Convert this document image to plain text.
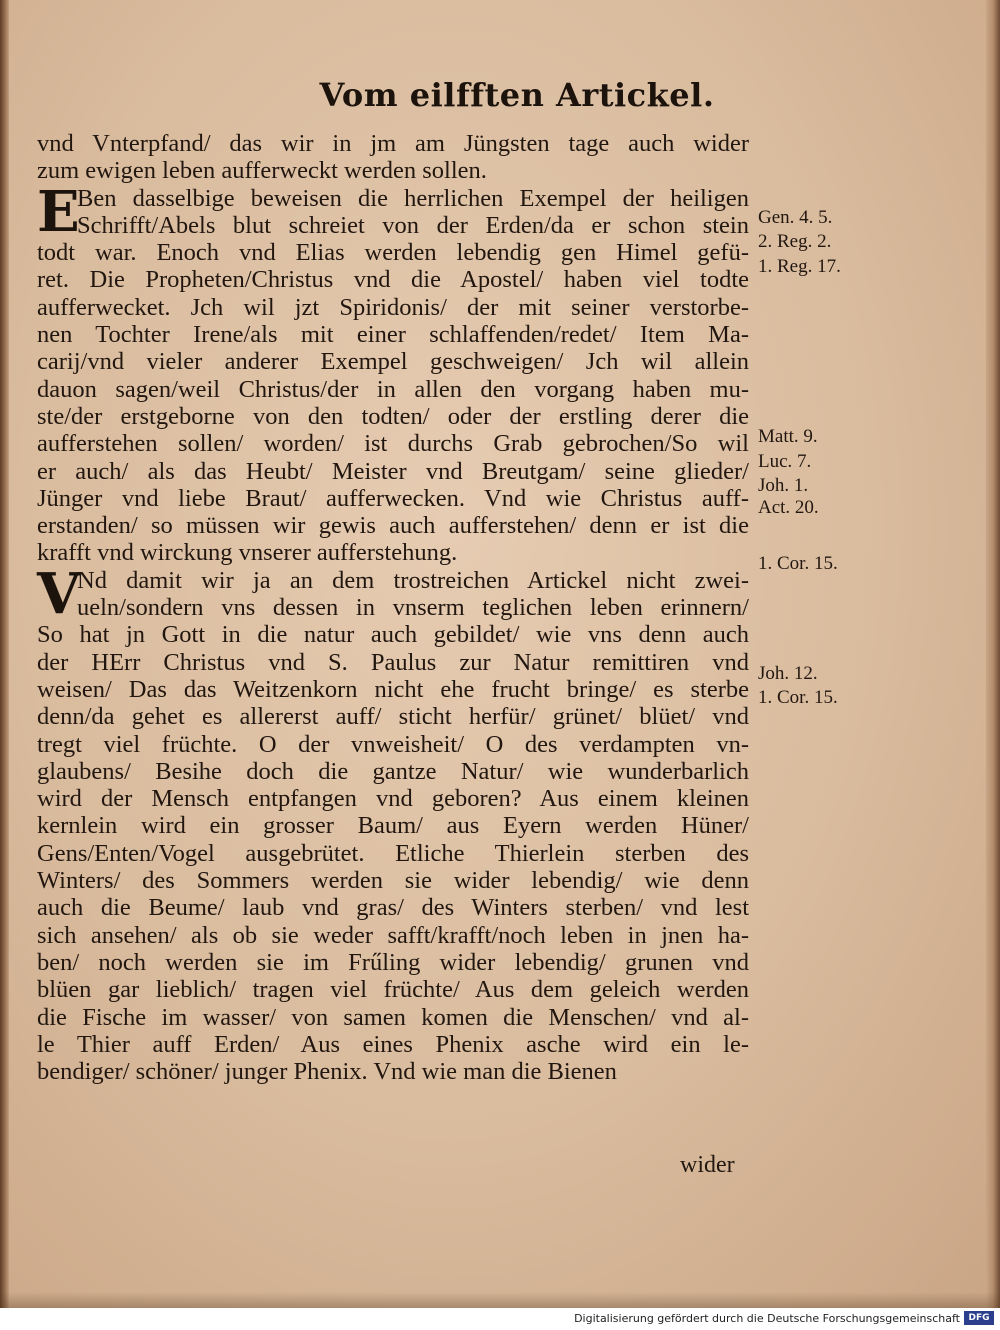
Vom eilfften Artickel.
vnd Vnterpfand/ das wir in jm am Jüngsten tage auch wider
zum ewigen leben aufferweckt werden sollen.
E
Ben dasselbige beweisen die herrlichen Exempel der heiligen
Schrifft/Abels blut schreiet von der Erden/da er schon stein
todt war. Enoch vnd Elias werden lebendig gen Himel gefü-
ret. Die Propheten/Christus vnd die Apostel/ haben viel todte
aufferwecket. Jch wil jzt Spiridonis/ der mit seiner verstorbe-
nen Tochter Irene/als mit einer schlaffenden/redet/ Item Ma-
carij/vnd vieler anderer Exempel geschweigen/ Jch wil allein
dauon sagen/weil Christus/der in allen den vorgang haben mu-
ste/der erstgeborne von den todten/ oder der erstling derer die
aufferstehen sollen/ worden/ ist durchs Grab gebrochen/So wil
er auch/ als das Heubt/ Meister vnd Breutgam/ seine glieder/
Jünger vnd liebe Braut/ aufferwecken. Vnd wie Christus auff-
erstanden/ so müssen wir gewis auch aufferstehen/ denn er ist die
krafft vnd wirckung vnserer aufferstehung.
V
Nd damit wir ja an dem trostreichen Artickel nicht zwei-
ueln/sondern vns dessen in vnserm teglichen leben erinnern/
So hat jn Gott in die natur auch gebildet/ wie vns denn auch
der HErr Christus vnd S. Paulus zur Natur remittiren vnd
weisen/ Das das Weitzenkorn nicht ehe frucht bringe/ es sterbe
denn/da gehet es allererst auff/ sticht herfür/ grünet/ blüet/ vnd
tregt viel früchte. O der vnweisheit/ O des verdampten vn-
glaubens/ Besihe doch die gantze Natur/ wie wunderbarlich
wird der Mensch entpfangen vnd geboren? Aus einem kleinen
kernlein wird ein grosser Baum/ aus Eyern werden Hüner/
Gens/Enten/Vogel ausgebrütet. Etliche Thierlein sterben des
Winters/ des Sommers werden sie wider lebendig/ wie denn
auch die Beume/ laub vnd gras/ des Winters sterben/ vnd lest
sich ansehen/ als ob sie weder safft/krafft/noch leben in jnen ha-
ben/ noch werden sie im Frűling wider lebendig/ grunen vnd
blüen gar lieblich/ tragen viel früchte/ Aus dem geleich werden
die Fische im wasser/ von samen komen die Menschen/ vnd al-
le Thier auff Erden/ Aus eines Phenix asche wird ein le-
bendiger/ schöner/ junger Phenix. Vnd wie man die Bienen
Gen. 4. 5.
2. Reg. 2.
1. Reg. 17.
Matt. 9.
Luc. 7.
Joh. 1.
Act. 20.
1. Cor. 15.
Joh. 12.
1. Cor. 15.
wider
Digitalisierung gefördert durch die Deutsche Forschungsgemeinschaft DFG
